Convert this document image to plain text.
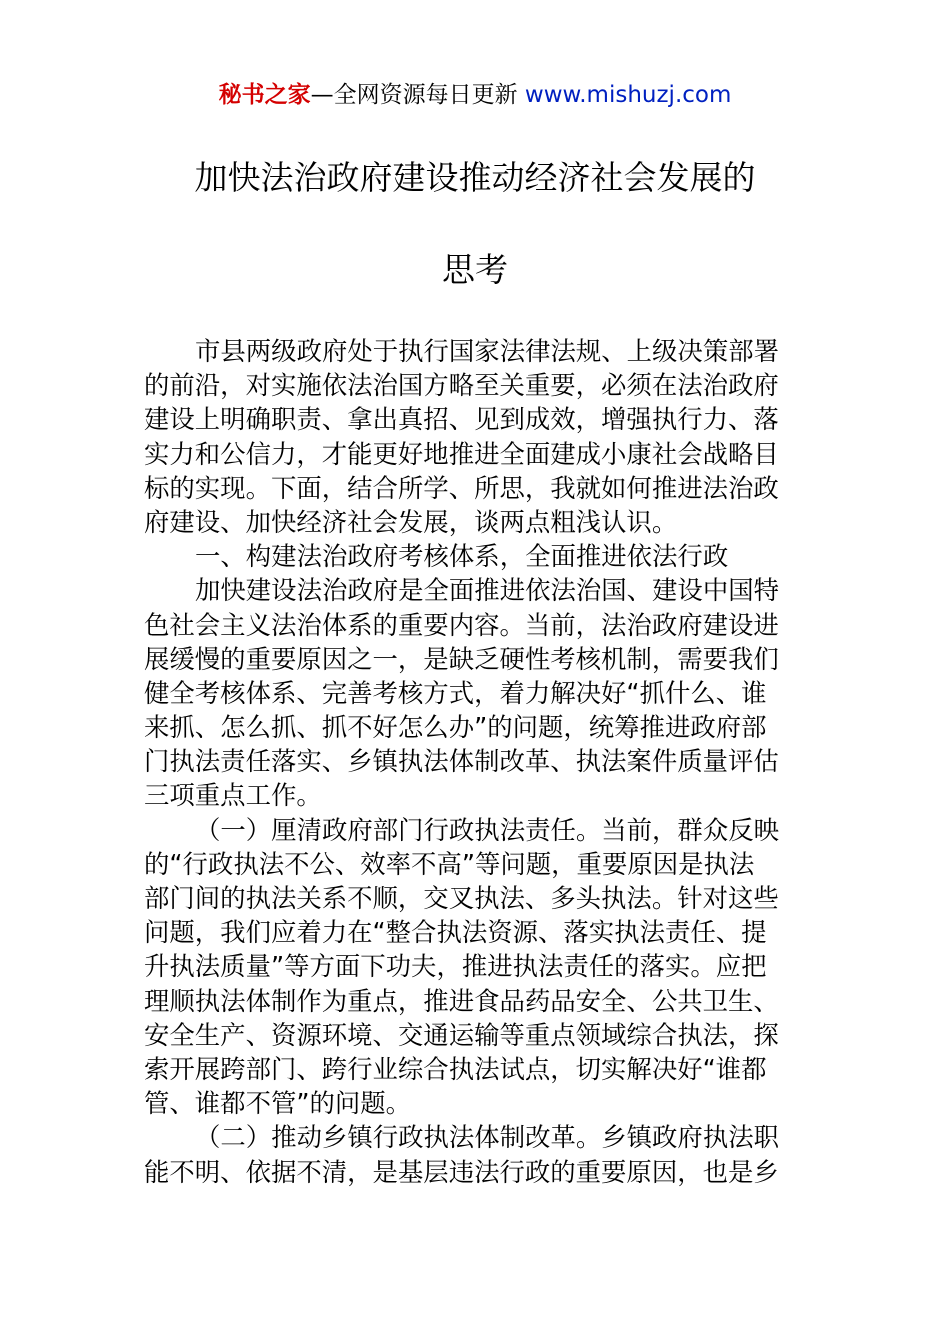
秘书之家—全网资源每日更新 www.mishuzj.com
加快法治政府建设推动经济社会发展的
思考
市县两级政府处于执行国家法律法规、上级决策部署
的前沿，对实施依法治国方略至关重要，必须在法治政府
建设上明确职责、拿出真招、见到成效，增强执行力、落
实力和公信力，才能更好地推进全面建成小康社会战略目
标的实现。下面，结合所学、所思，我就如何推进法治政
府建设、加快经济社会发展，谈两点粗浅认识。
一、构建法治政府考核体系，全面推进依法行政
加快建设法治政府是全面推进依法治国、建设中国特
色社会主义法治体系的重要内容。当前，法治政府建设进
展缓慢的重要原因之一，是缺乏硬性考核机制，需要我们
健全考核体系、完善考核方式，着力解决好“抓什么、谁
来抓、怎么抓、抓不好怎么办”的问题，统筹推进政府部
门执法责任落实、乡镇执法体制改革、执法案件质量评估
三项重点工作。
（一）厘清政府部门行政执法责任。当前，群众反映
的“行政执法不公、效率不高”等问题，重要原因是执法
部门间的执法关系不顺，交叉执法、多头执法。针对这些
问题，我们应着力在“整合执法资源、落实执法责任、提
升执法质量”等方面下功夫，推进执法责任的落实。应把
理顺执法体制作为重点，推进食品药品安全、公共卫生、
安全生产、资源环境、交通运输等重点领域综合执法，探
索开展跨部门、跨行业综合执法试点，切实解决好“谁都
管、谁都不管”的问题。
（二）推动乡镇行政执法体制改革。乡镇政府执法职
能不明、依据不清，是基层违法行政的重要原因，也是乡
